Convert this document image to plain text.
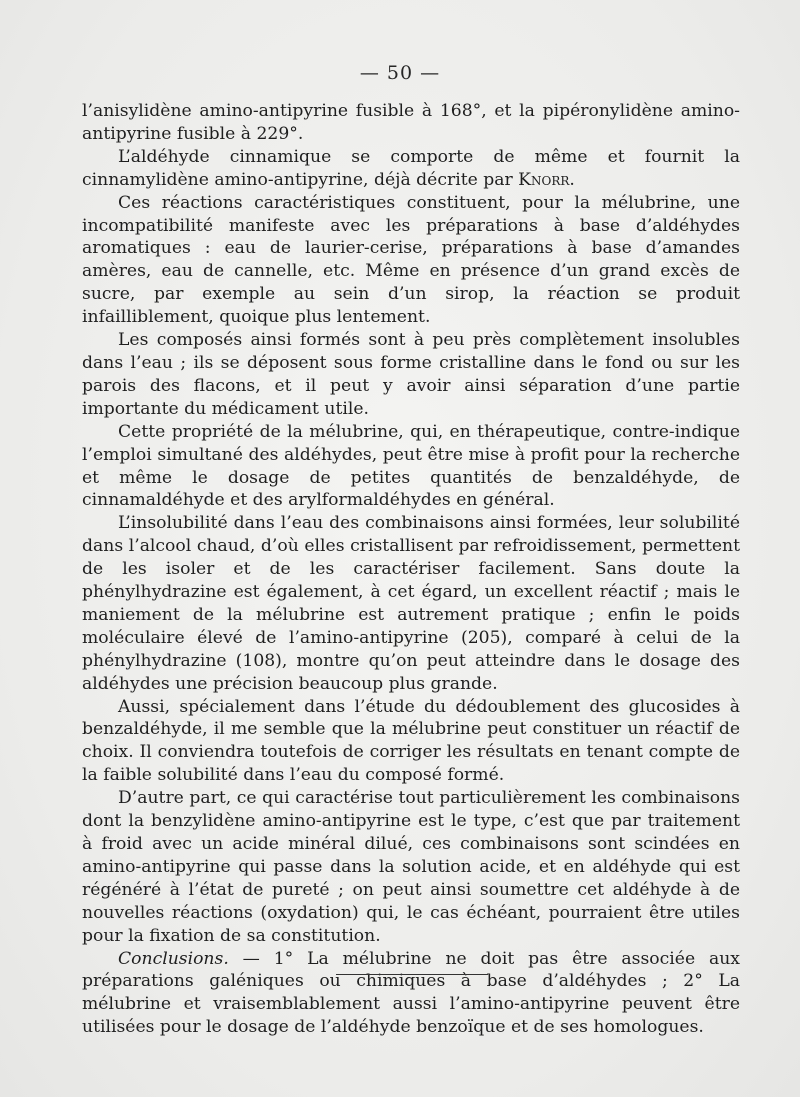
— 50 —

l’anisylidène amino-antipyrine fusible à 168°, et la pipéronylidène amino-antipyrine fusible à 229°.

L’aldéhyde cinnamique se comporte de même et fournit la cinnamylidène amino-antipyrine, déjà décrite par Knorr.

Ces réactions caractéristiques constituent, pour la mélubrine, une incompatibilité manifeste avec les préparations à base d’aldéhydes aromatiques : eau de laurier-cerise, préparations à base d’amandes amères, eau de cannelle, etc. Même en présence d’un grand excès de sucre, par exemple au sein d’un sirop, la réaction se produit infailliblement, quoique plus lentement.

Les composés ainsi formés sont à peu près complètement insolubles dans l’eau ; ils se déposent sous forme cristalline dans le fond ou sur les parois des flacons, et il peut y avoir ainsi séparation d’une partie importante du médicament utile.

Cette propriété de la mélubrine, qui, en thérapeutique, contre-indique l’emploi simultané des aldéhydes, peut être mise à profit pour la recherche et même le dosage de petites quantités de benzaldéhyde, de cinnamaldéhyde et des arylformaldéhydes en général.

L’insolubilité dans l’eau des combinaisons ainsi formées, leur solubilité dans l’alcool chaud, d’où elles cristallisent par refroidissement, permettent de les isoler et de les caractériser facilement. Sans doute la phénylhydrazine est également, à cet égard, un excellent réactif ; mais le maniement de la mélubrine est autrement pratique ; enfin le poids moléculaire élevé de l’amino-antipyrine (205), comparé à celui de la phénylhydrazine (108), montre qu’on peut atteindre dans le dosage des aldéhydes une précision beaucoup plus grande.

Aussi, spécialement dans l’étude du dédoublement des glucosides à benzaldéhyde, il me semble que la mélubrine peut constituer un réactif de choix. Il conviendra toutefois de corriger les résultats en tenant compte de la faible solubilité dans l’eau du composé formé.

D’autre part, ce qui caractérise tout particulièrement les combinaisons dont la benzylidène amino-antipyrine est le type, c’est que par traitement à froid avec un acide minéral dilué, ces combinaisons sont scindées en amino-antipyrine qui passe dans la solution acide, et en aldéhyde qui est régénéré à l’état de pureté ; on peut ainsi soumettre cet aldéhyde à de nouvelles réactions (oxydation) qui, le cas échéant, pourraient être utiles pour la fixation de sa constitution.

Conclusions. — 1° La mélubrine ne doit pas être associée aux préparations galéniques ou chimiques à base d’aldéhydes ; 2° La mélubrine et vraisemblablement aussi l’amino-antipyrine peuvent être utilisées pour le dosage de l’aldéhyde benzoïque et de ses homologues.
